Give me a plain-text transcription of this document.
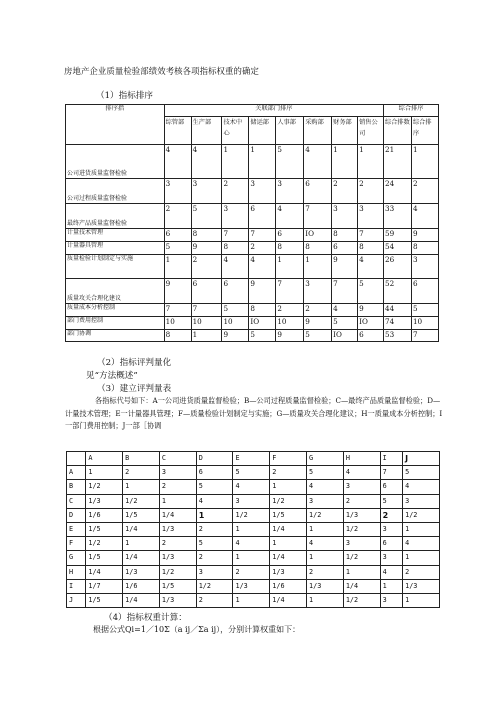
房地产企业质量检验部绩效考核各项指标权重的确定
（1）指标排序
排序指	关联部门排序								综合排序	
	综管部	生产部	技术中心	储运部	人事部	采购部	财务部	销售公司	综合排数	综合排序
公司进货质量监督检验	4	4	1	1	5	4	1	1	21	1
公司过程质量监督检验	3	3	2	3	3	6	2	2	24	2
最终产品质量监督检验	2	5	3	6	4	7	3	3	33	4
计量技术管理	6	8	7	7	6	IO	8	7	59	9
计量器具管理	5	9	8	2	8	8	6	8	54	8
质量检验计划制定与实施	1	2	4	4	1	1	9	4	26	3
质量攻关合理化建议	9	6	6	9	7	3	7	5	52	6
质量成本分析控制	7	7	5	8	2	2	4	9	44	5
部门费用控制	10	10	10	IO	10	9	5	IO	74	10
部门协调	8	1	9	5	9	5	IO	6	53	7
（2）指标评判量化
见“方法概述”
（3）建立评判量表
各指标代号如下：A一公司进货质量监督检验；B—公司过程质量监督检验；C—最终产品质量监督检验；D—计量技术管理；E一计量器具管理；F—质量检验计划制定与实施；G—质量攻关合理化建议；H一质量成本分析控制；I一部门费用控制；J一部［协调
	A	B	C	D	E	F	G	H	I	J
A	1	2	3	6	5	2	5	4	7	5
B	1/2	1	2	5	4	1	4	3	6	4
C	1/3	1/2	1	4	3	1/2	3	2	5	3
D	1/6	1/5	1/4	1	1/2	1/5	1/2	1/3	2	1/2
E	1/5	1/4	1/3	2	1	1/4	1	1/2	3	1
F	1/2	1	2	5	4	1	4	3	6	4
G	1/5	1/4	1/3	2	1	1/4	1	1/2	3	1
H	1/4	1/3	1/2	3	2	1/3	2	1	4	2
I	1/7	1/6	1/5	1/2	1/3	1/6	1/3	1/4	1	1/3
J	1/5	1/4	1/3	2	1	1/4	1	1/2	3	1
（4）指标权重计算：
根据公式Qi=1／10Σ（a ij／Σa ij），分别计算权重如下：
